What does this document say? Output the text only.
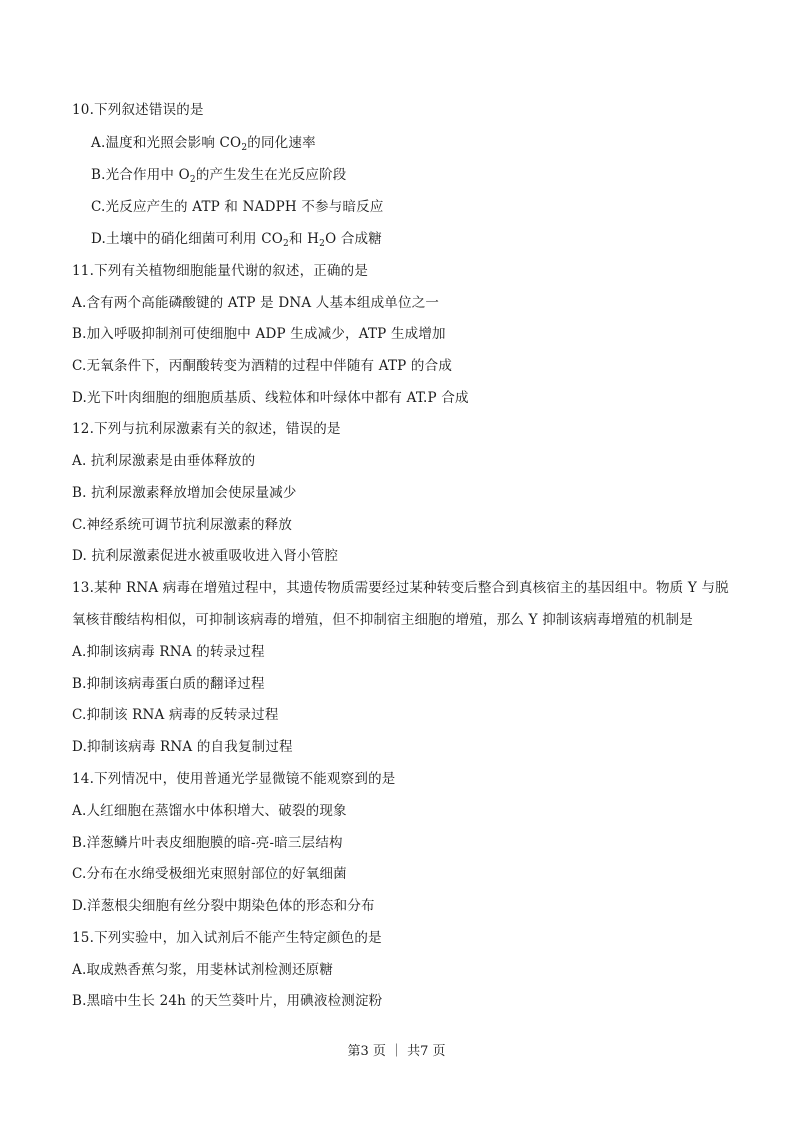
10.下列叙述错误的是
A.温度和光照会影响 $CO_2$的同化速率
B.光合作用中 $O_2$的产生发生在光反应阶段
C.光反应产生的 ATP 和 NADPH 不参与暗反应
D.土壤中的硝化细菌可利用 $CO_2$和 $H_2O$ 合成糖
11.下列有关植物细胞能量代谢的叙述，正确的是
A.含有两个高能磷酸键的 ATP 是 DNA 人基本组成单位之一
B.加入呼吸抑制剂可使细胞中 ADP 生成减少，ATP 生成增加
C.无氧条件下，丙酮酸转变为酒精的过程中伴随有 ATP 的合成
D.光下叶肉细胞的细胞质基质、线粒体和叶绿体中都有 AT.P 合成
12.下列与抗利尿激素有关的叙述，错误的是
A. 抗利尿激素是由垂体释放的
B. 抗利尿激素释放增加会使尿量减少
C.神经系统可调节抗利尿激素的释放
D. 抗利尿激素促进水被重吸收进入肾小管腔
13.某种 RNA 病毒在增殖过程中，其遗传物质需要经过某种转变后整合到真核宿主的基因组中。物质 Y 与脱
氧核苷酸结构相似，可抑制该病毒的增殖，但不抑制宿主细胞的增殖，那么 Y 抑制该病毒增殖的机制是
A.抑制该病毒 RNA 的转录过程
B.抑制该病毒蛋白质的翻译过程
C.抑制该 RNA 病毒的反转录过程
D.抑制该病毒 RNA 的自我复制过程
14.下列情况中，使用普通光学显微镜不能观察到的是
A.人红细胞在蒸馏水中体积增大、破裂的现象
B.洋葱鳞片叶表皮细胞膜的暗-亮-暗三层结构
C.分布在水绵受极细光束照射部位的好氧细菌
D.洋葱根尖细胞有丝分裂中期染色体的形态和分布
15.下列实验中，加入试剂后不能产生特定颜色的是
A.取成熟香蕉匀浆，用斐林试剂检测还原糖
B.黑暗中生长 24h 的天竺葵叶片，用碘液检测淀粉
第3 页 ｜ 共7 页
